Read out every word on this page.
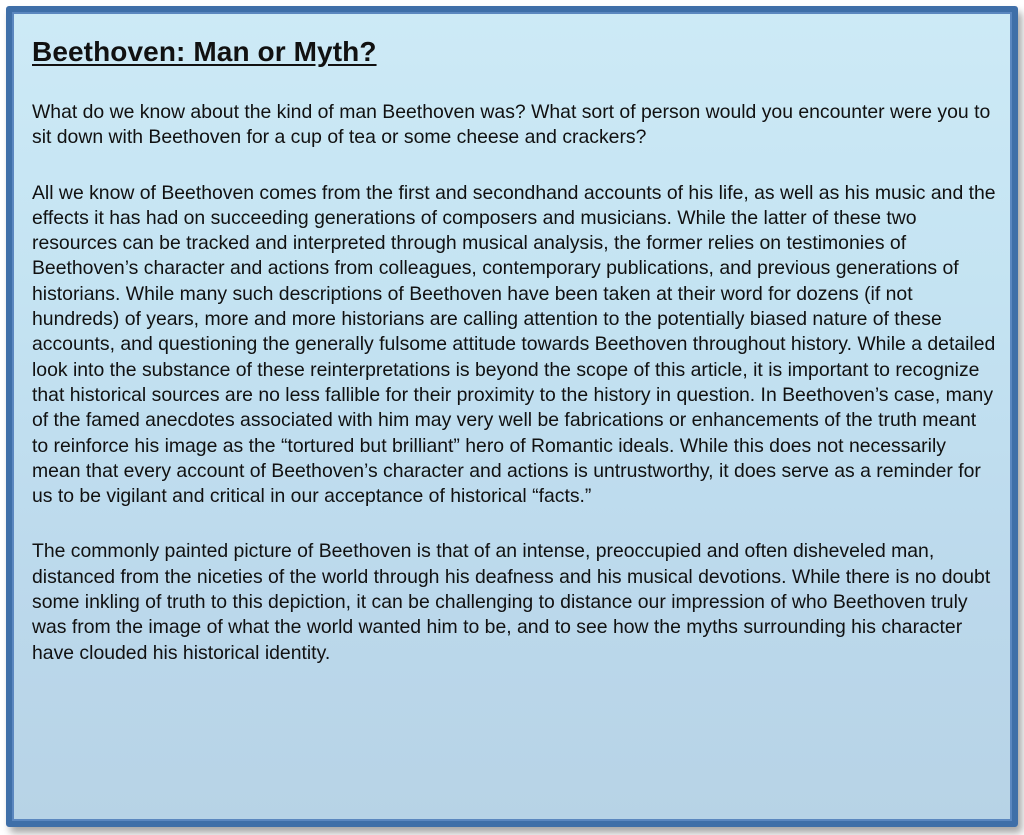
Beethoven: Man or Myth?

What do we know about the kind of man Beethoven was? What sort of person would you encounter were you to sit down with Beethoven for a cup of tea or some cheese and crackers?

All we know of Beethoven comes from the first and secondhand accounts of his life, as well as his music and the effects it has had on succeeding generations of composers and musicians. While the latter of these two resources can be tracked and interpreted through musical analysis, the former relies on testimonies of Beethoven’s character and actions from colleagues, contemporary publications, and previous generations of historians. While many such descriptions of Beethoven have been taken at their word for dozens (if not hundreds) of years, more and more historians are calling attention to the potentially biased nature of these accounts, and questioning the generally fulsome attitude towards Beethoven throughout history. While a detailed look into the substance of these reinterpretations is beyond the scope of this article, it is important to recognize that historical sources are no less fallible for their proximity to the history in question. In Beethoven’s case, many of the famed anecdotes associated with him may very well be fabrications or enhancements of the truth meant to reinforce his image as the “tortured but brilliant” hero of Romantic ideals. While this does not necessarily mean that every account of Beethoven’s character and actions is untrustworthy, it does serve as a reminder for us to be vigilant and critical in our acceptance of historical “facts.”

The commonly painted picture of Beethoven is that of an intense, preoccupied and often disheveled man, distanced from the niceties of the world through his deafness and his musical devotions. While there is no doubt some inkling of truth to this depiction, it can be challenging to distance our impression of who Beethoven truly was from the image of what the world wanted him to be, and to see how the myths surrounding his character have clouded his historical identity.
